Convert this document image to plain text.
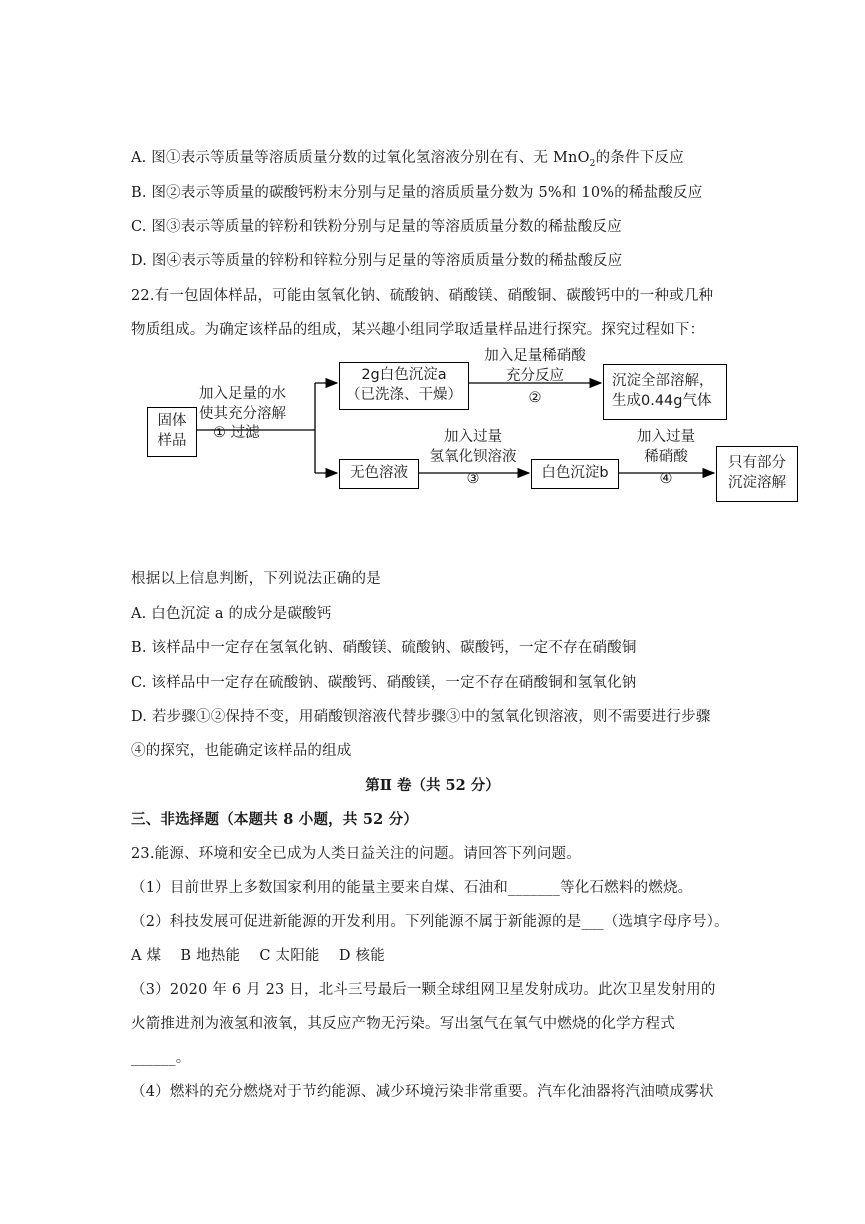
A. 图①表示等质量等溶质质量分数的过氧化氢溶液分别在有、无 MnO$_2$的条件下反应
B. 图②表示等质量的碳酸钙粉末分别与足量的溶质质量分数为 5%和 10%的稀盐酸反应
C. 图③表示等质量的锌粉和铁粉分别与足量的等溶质质量分数的稀盐酸反应
D. 图④表示等质量的锌粉和锌粒分别与足量的等溶质质量分数的稀盐酸反应
22.有一包固体样品，可能由氢氧化钠、硫酸钠、硝酸镁、硝酸铜、碳酸钙中的一种或几种
物质组成。为确定该样品的组成，某兴趣小组同学取适量样品进行探究。探究过程如下：
固体
样品
加入足量的水
使其充分溶解
① 过滤
2g白色沉淀a
（已洗涤、干燥）
加入足量稀硝酸
充分反应
②
沉淀全部溶解，
生成0.44g气体
无色溶液
加入过量
氢氧化钡溶液
③	白色沉淀b
加入过量
稀硝酸
④
只有部分
沉淀溶解
根据以上信息判断，下列说法正确的是
A. 白色沉淀 a 的成分是碳酸钙
B. 该样品中一定存在氢氧化钠、硝酸镁、硫酸钠、碳酸钙，一定不存在硝酸铜
C. 该样品中一定存在硫酸钠、碳酸钙、硝酸镁，一定不存在硝酸铜和氢氧化钠
D. 若步骤①②保持不变，用硝酸钡溶液代替步骤③中的氢氧化钡溶液，则不需要进行步骤
④的探究，也能确定该样品的组成
第Ⅱ 卷（共 52 分）
三、非选择题（本题共 8 小题，共 52 分）
23.能源、环境和安全已成为人类日益关注的问题。请回答下列问题。
（1）目前世界上多数国家利用的能量主要来自煤、石油和_______等化石燃料的燃烧。
（2）科技发展可促进新能源的开发利用。下列能源不属于新能源的是___（选填字母序号）。
A 煤    B 地热能    C 太阳能    D 核能
（3）2020 年 6 月 23 日，北斗三号最后一颗全球组网卫星发射成功。此次卫星发射用的
火箭推进剂为液氢和液氧，其反应产物无污染。写出氢气在氧气中燃烧的化学方程式
______。
（4）燃料的充分燃烧对于节约能源、减少环境污染非常重要。汽车化油器将汽油喷成雾状
